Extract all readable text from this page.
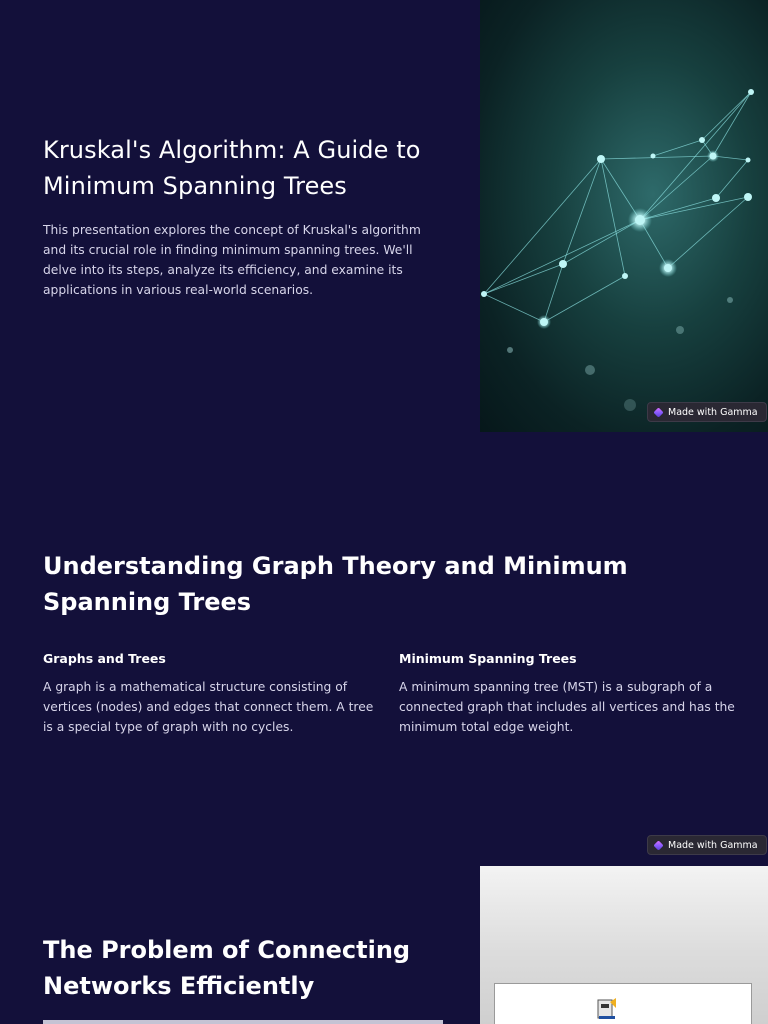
Kruskal's Algorithm: A Guide to Minimum Spanning Trees

This presentation explores the concept of Kruskal's algorithm and its crucial role in finding minimum spanning trees. We'll delve into its steps, analyze its efficiency, and examine its applications in various real-world scenarios.

Made with Gamma
Understanding Graph Theory and Minimum Spanning Trees
Graphs and Trees

A graph is a mathematical structure consisting of vertices (nodes) and edges that connect them. A tree is a special type of graph with no cycles.

Minimum Spanning Trees

A minimum spanning tree (MST) is a subgraph of a connected graph that includes all vertices and has the minimum total edge weight.

Made with Gamma
The Problem of Connecting Networks Efficiently
